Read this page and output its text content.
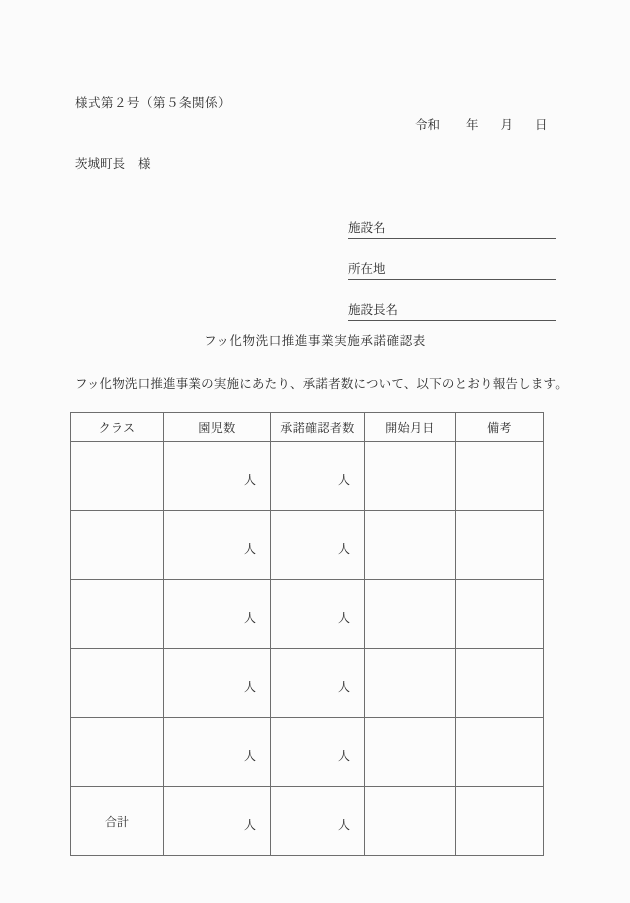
様式第２号（第５条関係）
令和 年 月 日
茨城町長 様
施設名
所在地
施設長名
フッ化物洗口推進事業実施承諾確認表
フッ化物洗口推進事業の実施にあたり、承諾者数について、以下のとおり報告します。
クラス	園児数	承諾確認者数	開始月日	備考
	人	人		
	人	人		
	人	人		
	人	人		
	人	人		
合計	人	人		
